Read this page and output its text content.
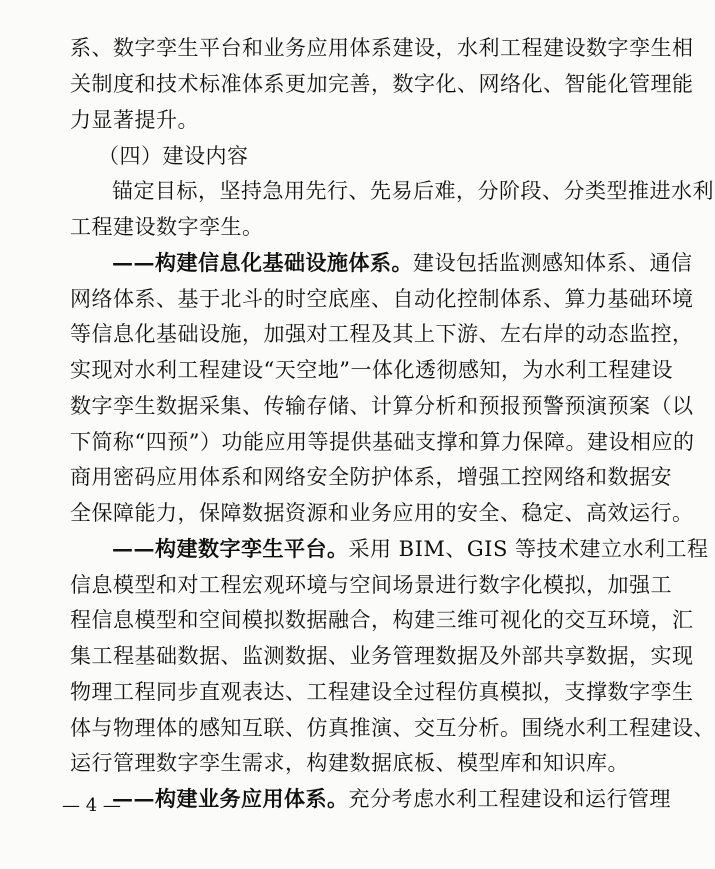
系、数字孪生平台和业务应用体系建设，水利工程建设数字孪生相
关制度和技术标准体系更加完善，数字化、网络化、智能化管理能
力显著提升。
（四）建设内容
锚定目标，坚持急用先行、先易后难，分阶段、分类型推进水利
工程建设数字孪生。
——构建信息化基础设施体系。建设包括监测感知体系、通信
网络体系、基于北斗的时空底座、自动化控制体系、算力基础环境
等信息化基础设施，加强对工程及其上下游、左右岸的动态监控，
实现对水利工程建设“天空地”一体化透彻感知，为水利工程建设
数字孪生数据采集、传输存储、计算分析和预报预警预演预案（以
下简称“四预”）功能应用等提供基础支撑和算力保障。建设相应的
商用密码应用体系和网络安全防护体系，增强工控网络和数据安
全保障能力，保障数据资源和业务应用的安全、稳定、高效运行。
——构建数字孪生平台。采用 BIM、GIS 等技术建立水利工程
信息模型和对工程宏观环境与空间场景进行数字化模拟，加强工
程信息模型和空间模拟数据融合，构建三维可视化的交互环境，汇
集工程基础数据、监测数据、业务管理数据及外部共享数据，实现
物理工程同步直观表达、工程建设全过程仿真模拟，支撑数字孪生
体与物理体的感知互联、仿真推演、交互分析。围绕水利工程建设、
运行管理数字孪生需求，构建数据底板、模型库和知识库。
——构建业务应用体系。充分考虑水利工程建设和运行管理
— 4 —
